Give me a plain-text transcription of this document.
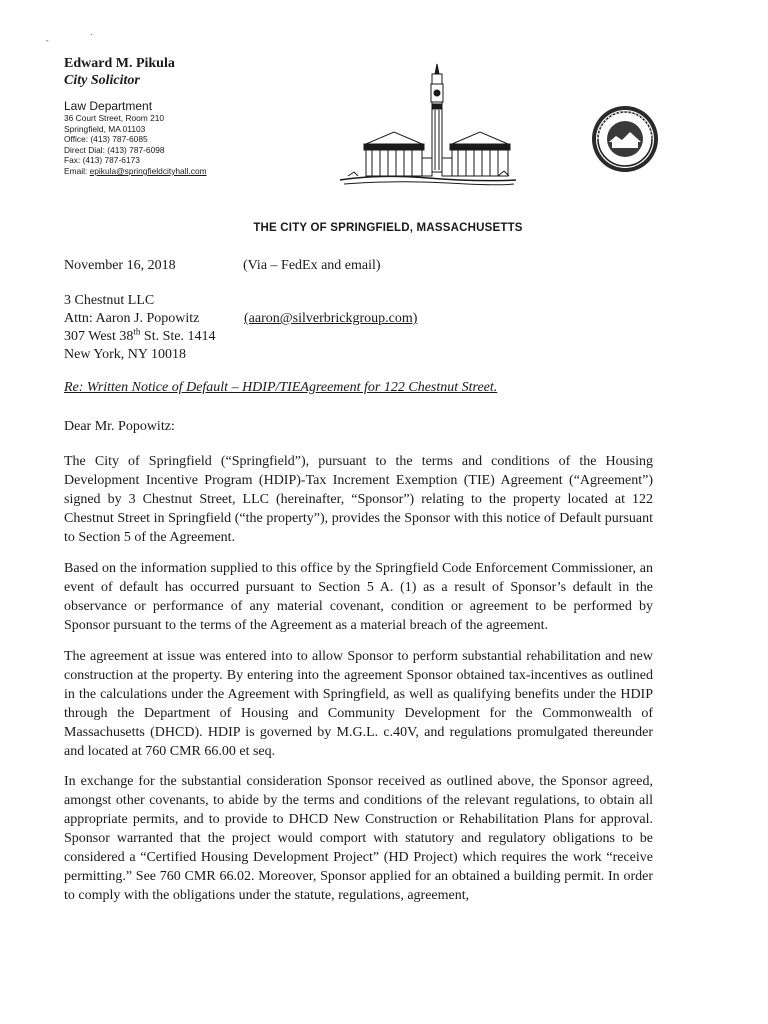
-
·
Edward M. Pikula
City Solicitor
Law Department
36 Court Street, Room 210
Springfield, MA 01103
Office: (413) 787-6085
Direct Dial: (413) 787-6098
Fax: (413) 787-6173
Email: epikula@springfieldcityhall.com
THE CITY OF SPRINGFIELD, MASSACHUSETTS
November 16, 2018	(Via – FedEx and email)
3 Chestnut LLC
Attn: Aaron J. Popowitz
307 West 38th St. Ste. 1414
New York, NY 10018
(aaron@silverbrickgroup.com)
Re: Written Notice of Default – HDIP/TIEAgreement for 122 Chestnut Street.
Dear Mr. Popowitz:

The City of Springfield (“Springfield”), pursuant to the terms and conditions of the Housing Development Incentive Program (HDIP)-Tax Increment Exemption (TIE) Agreement (“Agreement”) signed by 3 Chestnut Street, LLC (hereinafter, “Sponsor”) relating to the property located at 122 Chestnut Street in Springfield (“the property”), provides the Sponsor with this notice of Default pursuant to Section 5 of the Agreement.

Based on the information supplied to this office by the Springfield Code Enforcement Commissioner, an event of default has occurred pursuant to Section 5 A. (1) as a result of Sponsor’s default in the observance or performance of any material covenant, condition or agreement to be performed by Sponsor pursuant to the terms of the Agreement as a material breach of the agreement.

The agreement at issue was entered into to allow Sponsor to perform substantial rehabilitation and new construction at the property. By entering into the agreement Sponsor obtained tax-incentives as outlined in the calculations under the Agreement with Springfield, as well as qualifying benefits under the HDIP through the Department of Housing and Community Development for the Commonwealth of Massachusetts (DHCD). HDIP is governed by M.G.L. c.40V, and regulations promulgated thereunder and located at 760 CMR 66.00 et seq.

In exchange for the substantial consideration Sponsor received as outlined above, the Sponsor agreed, amongst other covenants, to abide by the terms and conditions of the relevant regulations, to obtain all appropriate permits, and to provide to DHCD New Construction or Rehabilitation Plans for approval. Sponsor warranted that the project would comport with statutory and regulatory obligations to be considered a “Certified Housing Development Project” (HD Project) which requires the work “receive permitting.” See 760 CMR 66.02. Moreover, Sponsor applied for an obtained a building permit. In order to comply with the obligations under the statute, regulations, agreement,
